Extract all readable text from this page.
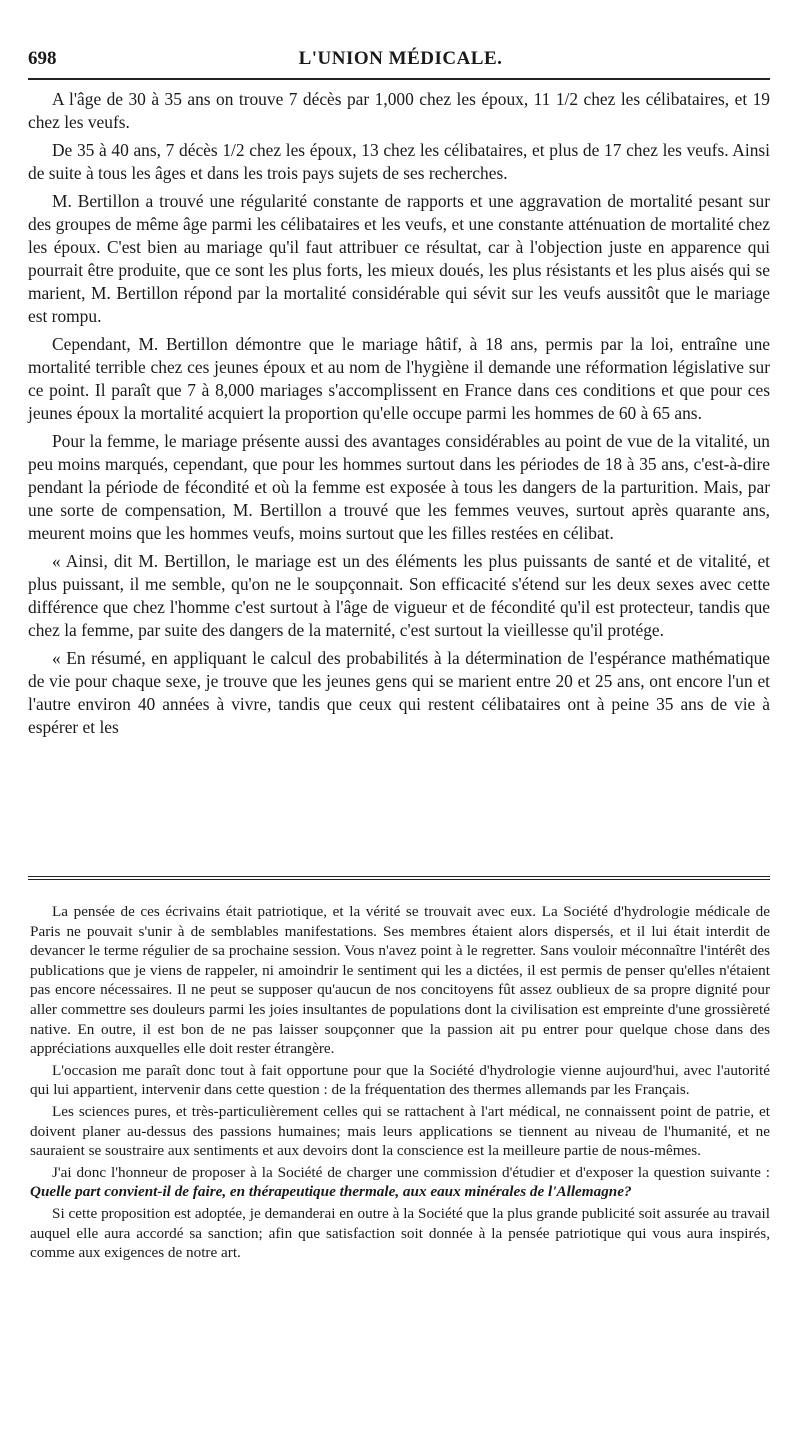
698	L'UNION MÉDICALE.

A l'âge de 30 à 35 ans on trouve 7 décès par 1,000 chez les époux, 11 1/2 chez les célibataires, et 19 chez les veufs.

De 35 à 40 ans, 7 décès 1/2 chez les époux, 13 chez les célibataires, et plus de 17 chez les veufs. Ainsi de suite à tous les âges et dans les trois pays sujets de ses recherches.

M. Bertillon a trouvé une régularité constante de rapports et une aggravation de mortalité pesant sur des groupes de même âge parmi les célibataires et les veufs, et une constante atténuation de mortalité chez les époux. C'est bien au mariage qu'il faut attribuer ce résultat, car à l'objection juste en apparence qui pourrait être produite, que ce sont les plus forts, les mieux doués, les plus résistants et les plus aisés qui se marient, M. Bertillon répond par la mortalité considérable qui sévit sur les veufs aussitôt que le mariage est rompu.

Cependant, M. Bertillon démontre que le mariage hâtif, à 18 ans, permis par la loi, entraîne une mortalité terrible chez ces jeunes époux et au nom de l'hygiène il demande une réformation législative sur ce point. Il paraît que 7 à 8,000 mariages s'accomplissent en France dans ces conditions et que pour ces jeunes époux la mortalité acquiert la proportion qu'elle occupe parmi les hommes de 60 à 65 ans.

Pour la femme, le mariage présente aussi des avantages considérables au point de vue de la vitalité, un peu moins marqués, cependant, que pour les hommes surtout dans les périodes de 18 à 35 ans, c'est-à-dire pendant la période de fécondité et où la femme est exposée à tous les dangers de la parturition. Mais, par une sorte de compensation, M. Bertillon a trouvé que les femmes veuves, surtout après quarante ans, meurent moins que les hommes veufs, moins surtout que les filles restées en célibat.

« Ainsi, dit M. Bertillon, le mariage est un des éléments les plus puissants de santé et de vitalité, et plus puissant, il me semble, qu'on ne le soupçonnait. Son efficacité s'étend sur les deux sexes avec cette différence que chez l'homme c'est surtout à l'âge de vigueur et de fécondité qu'il est protecteur, tandis que chez la femme, par suite des dangers de la maternité, c'est surtout la vieillesse qu'il protége.

« En résumé, en appliquant le calcul des probabilités à la détermination de l'espérance mathématique de vie pour chaque sexe, je trouve que les jeunes gens qui se marient entre 20 et 25 ans, ont encore l'un et l'autre environ 40 années à vivre, tandis que ceux qui restent célibataires ont à peine 35 ans de vie à espérer et les

La pensée de ces écrivains était patriotique, et la vérité se trouvait avec eux. La Société d'hydrologie médicale de Paris ne pouvait s'unir à de semblables manifestations. Ses membres étaient alors dispersés, et il lui était interdit de devancer le terme régulier de sa prochaine session. Vous n'avez point à le regretter. Sans vouloir méconnaître l'intérêt des publications que je viens de rappeler, ni amoindrir le sentiment qui les a dictées, il est permis de penser qu'elles n'étaient pas encore nécessaires. Il ne peut se supposer qu'aucun de nos concitoyens fût assez oublieux de sa propre dignité pour aller commettre ses douleurs parmi les joies insultantes de populations dont la civilisation est empreinte d'une grossièreté native. En outre, il est bon de ne pas laisser soupçonner que la passion ait pu entrer pour quelque chose dans des appréciations auxquelles elle doit rester étrangère.

L'occasion me paraît donc tout à fait opportune pour que la Société d'hydrologie vienne aujourd'hui, avec l'autorité qui lui appartient, intervenir dans cette question : de la fréquentation des thermes allemands par les Français.

Les sciences pures, et très-particulièrement celles qui se rattachent à l'art médical, ne connaissent point de patrie, et doivent planer au-dessus des passions humaines; mais leurs applications se tiennent au niveau de l'humanité, et ne sauraient se soustraire aux sentiments et aux devoirs dont la conscience est la meilleure partie de nous-mêmes.

J'ai donc l'honneur de proposer à la Société de charger une commission d'étudier et d'exposer la question suivante : Quelle part convient-il de faire, en thérapeutique thermale, aux eaux minérales de l'Allemagne?

Si cette proposition est adoptée, je demanderai en outre à la Société que la plus grande publicité soit assurée au travail auquel elle aura accordé sa sanction; afin que satisfaction soit donnée à la pensée patriotique qui vous aura inspirés, comme aux exigences de notre art.
